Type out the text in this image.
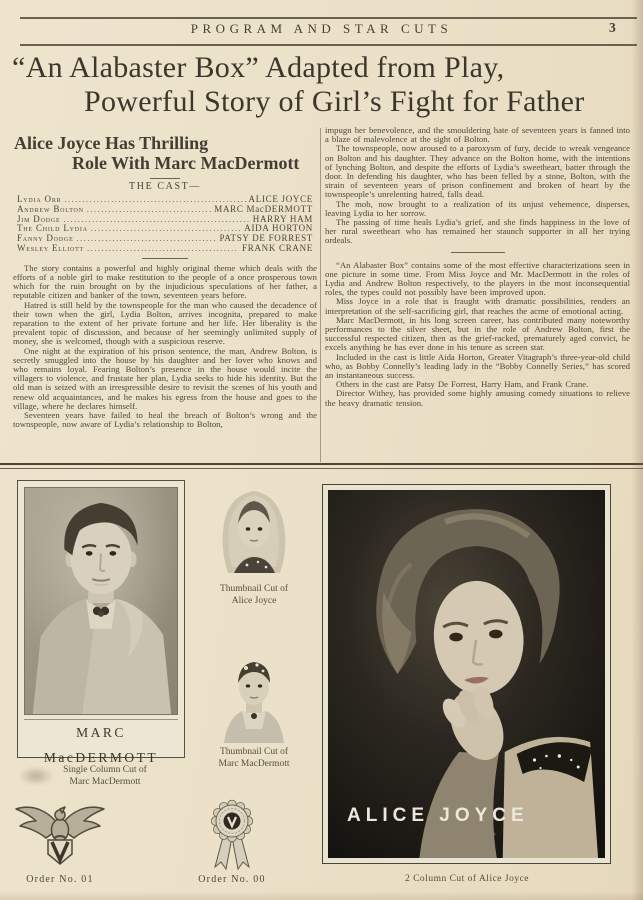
PROGRAM AND STAR CUTS	3
“An Alabaster Box” Adapted from Play,
Powerful Story of Girl’s Fight for Father
Alice Joyce Has Thrilling
Role With Marc MacDermott
THE CAST—
Lydia Orr .....	ALICE JOYCE
Andrew Bolton .....	MARC MacDERMOTT
Jim Dodge .....	HARRY HAM
The Child Lydia .....	AIDA HORTON
Fanny Dodge .....	PATSY DE FORREST
Wesley Elliott .....	FRANK CRANE

The story contains a powerful and highly original theme which deals with the efforts of a noble girl to make restitution to the people of a once prosperous town which for the ruin brought on by the injudicious speculations of her father, a reputable citizen and banker of the town, seventeen years before.

Hatred is still held by the townspeople for the man who caused the decadence of their town when the girl, Lydia Bolton, arrives incognita, prepared to make reparation to the extent of her private fortune and her life. Her liberality is the prevalent topic of discussion, and because of her seemingly unlimited supply of money, she is welcomed, though with a suspicious reserve.

One night at the expiration of his prison sentence, the man, Andrew Bolton, is secretly smuggled into the house by his daughter and her lover who knows and who remains loyal. Fearing Bolton’s presence in the house would incite the villagers to violence, and frustate her plan, Lydia seeks to hide his identity. But the old man is seized with an irrespressible desire to revisit the scenes of his youth and renew old acquaintances, and he makes his egress from the house and goes to the village, where he declares himself.

Seventeen years have failed to heal the breach of Bolton’s wrong and the townspeople, now aware of Lydia’s relationship to Bolton,

impugn her benevolence, and the smouldering hate of seventeen years is fanned into a blaze of malevolence at the sight of Bolton.

The townspeople, now aroused to a paroxysm of fury, decide to wreak vengeance on Bolton and his daughter. They advance on the Bolton home, with the intentions of lynching Bolton, and despite the efforts of Lydia’s sweetheart, batter through the door. In defending his daughter, who has been felled by a stone, Bolton, with the strain of seventeen years of prison confinement and broken of heart by the townspeople’s unrelenting hatred, falls dead.

The mob, now brought to a realization of its unjust vehemence, disperses, leaving Lydia to her sorrow.

The passing of time heals Lydia’s grief, and she finds happiness in the love of her rural sweetheart who has remained her staunch supporter in all her trying ordeals.

“An Alabaster Box” contains some of the most effective characterizations seen in one picture in some time. From Miss Joyce and Mr. MacDermott in the roles of Lydia and Andrew Bolton respectively, to the players in the most inconsequential roles, the types could not possibly have been improved upon.

Miss Joyce in a role that is fraught with dramatic possibilities, renders an interpretation of the self-sacrificing girl, that reaches the acme of emotional acting.

Marc MacDermott, in his long screen career, has contributed many noteworthy performances to the silver sheet, but in the role of Andrew Bolton, first the successful respected citizen, then as the grief-racked, prematurely aged convict, he excels anything he has ever done in his tenure as screen star.

Included in the cast is little Aida Horton, Greater Vitagraph’s three-year-old child who, as Bobby Connelly’s leading lady in the “Bobby Connelly Series,” has scored an instantaneous success.

Others in the cast are Patsy De Forrest, Harry Ham, and Frank Crane.

Director Withey, has provided some highly amusing comedy situations to relieve the heavy dramatic tension.

MARC MacDERMOTT
Single Column Cut of
Marc MacDermott
Thumbnail Cut of
Alice Joyce
Thumbnail Cut of
Marc MacDermott
ALICE JOYCE
2 Column Cut of Alice Joyce
Order No. 01	Order No. 00
